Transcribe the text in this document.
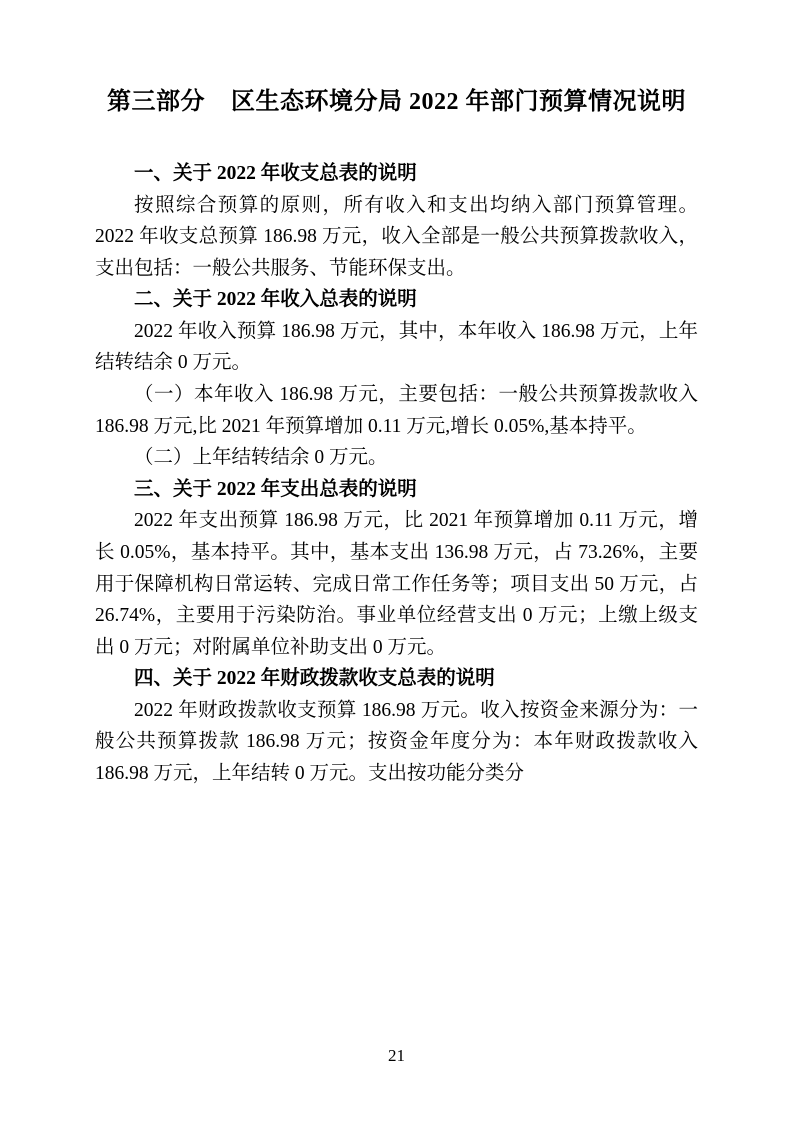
第三部分    区生态环境分局 2022 年部门预算情况说明

一、关于 2022 年收支总表的说明

按照综合预算的原则，所有收入和支出均纳入部门预算管理。2022 年收支总预算 186.98 万元，收入全部是一般公共预算拨款收入，支出包括：一般公共服务、节能环保支出。

二、关于 2022 年收入总表的说明

2022 年收入预算 186.98 万元，其中，本年收入 186.98 万元，上年结转结余 0 万元。

（一）本年收入 186.98 万元，主要包括：一般公共预算拨款收入 186.98 万元,比 2021 年预算增加 0.11 万元,增长 0.05%,基本持平。

（二）上年结转结余 0 万元。

三、关于 2022 年支出总表的说明

2022 年支出预算 186.98 万元，比 2021 年预算增加 0.11 万元，增长 0.05%，基本持平。其中，基本支出 136.98 万元，占 73.26%，主要用于保障机构日常运转、完成日常工作任务等；项目支出 50 万元，占 26.74%，主要用于污染防治。事业单位经营支出 0 万元；上缴上级支出 0 万元；对附属单位补助支出 0 万元。

四、关于 2022 年财政拨款收支总表的说明

2022 年财政拨款收支预算 186.98 万元。收入按资金来源分为：一般公共预算拨款 186.98 万元；按资金年度分为：本年财政拨款收入 186.98 万元，上年结转 0 万元。支出按功能分类分

21
